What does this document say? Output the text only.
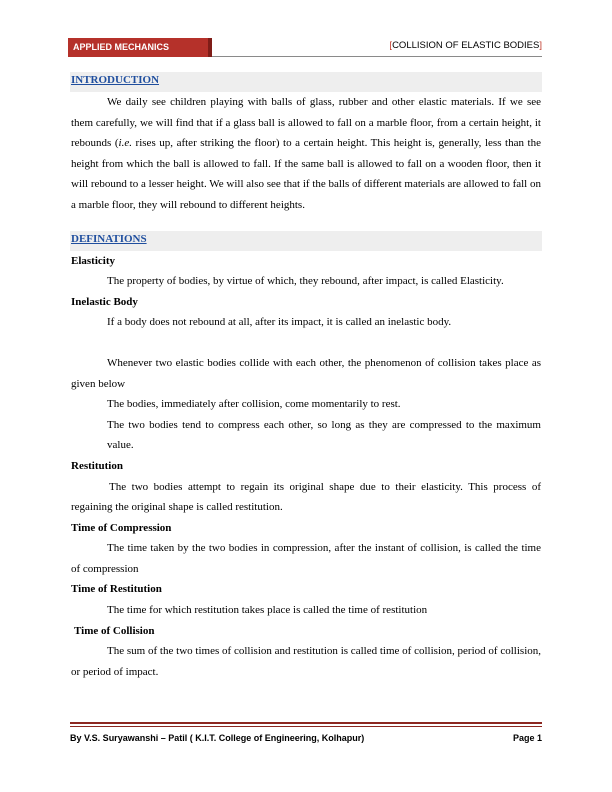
APPLIED MECHANICS	[COLLISION OF ELASTIC BODIES]
INTRODUCTION

We daily see children playing with balls of glass, rubber and other elastic materials. If we see them carefully, we will find that if a glass ball is allowed to fall on a marble floor, from a certain height, it rebounds (i.e. rises up, after striking the floor) to a certain height. This height is, generally, less than the height from which the ball is allowed to fall. If the same ball is allowed to fall on a wooden floor, then it will rebound to a lesser height. We will also see that if the balls of different materials are allowed to fall on a marble floor, they will rebound to different heights.

DEFINATIONS

Elasticity

The property of bodies, by virtue of which, they rebound, after impact, is called Elasticity.

Inelastic Body

If a body does not rebound at all, after its impact, it is called an inelastic body.

Whenever two elastic bodies collide with each other, the phenomenon of collision takes place as given below

The bodies, immediately after collision, come momentarily to rest.

The two bodies tend to compress each other, so long as they are compressed to the maximum value.

Restitution

The two bodies attempt to regain its original shape due to their elasticity. This process of regaining the original shape is called restitution.

Time of Compression

The time taken by the two bodies in compression, after the instant of collision, is called the time of compression

Time of Restitution

The time for which restitution takes place is called the time of restitution

Time of Collision

The sum of the two times of collision and restitution is called time of collision, period of collision, or period of impact.

By V.S. Suryawanshi – Patil ( K.I.T. College of Engineering, Kolhapur)	Page 1
